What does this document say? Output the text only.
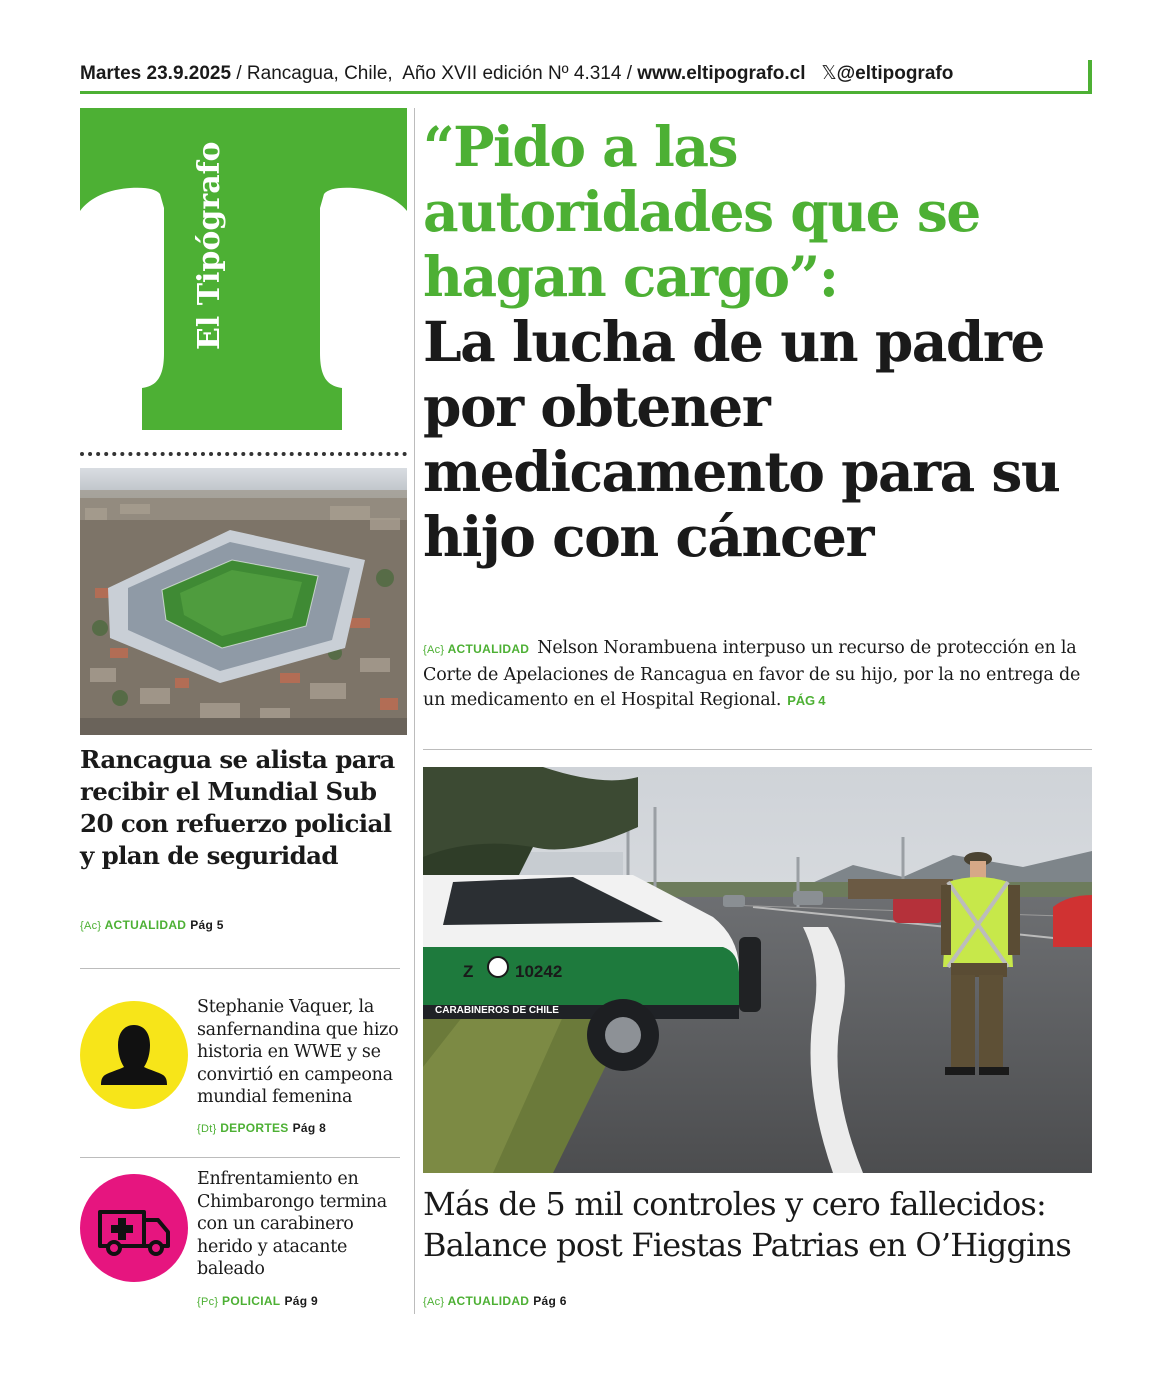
Martes 23.9.2025 / Rancagua, Chile, Año XVII edición Nº 4.314 / www.eltipografo.cl 𝕏@eltipografo
El Tipógrafo	“Pido a las autoridades que se hagan cargo”:
La lucha de un padre por obtener medicamento para su hijo con cáncer
{Ac} ACTUALIDAD Nelson Norambuena interpuso un recurso de protección en la Corte de Apelaciones de Rancagua en favor de su hijo, por la no entrega de un medicamento en el Hospital Regional. PÁG 4
Rancagua se alista para recibir el Mundial Sub 20 con refuerzo policial y plan de seguridad
{Ac} ACTUALIDAD Pág 5
Stephanie Vaquer, la sanfernandina que hizo historia en WWE y se convirtió en campeona mundial femenina
{Dt} DEPORTES Pág 8
Enfrentamiento en Chimbarongo termina con un carabinero herido y atacante baleado
{Pc} POLICIAL Pág 9
Z 10242
CARABINEROS DE CHILE
Más de 5 mil controles y cero fallecidos: Balance post Fiestas Patrias en O’Higgins
{Ac} ACTUALIDAD Pág 6
